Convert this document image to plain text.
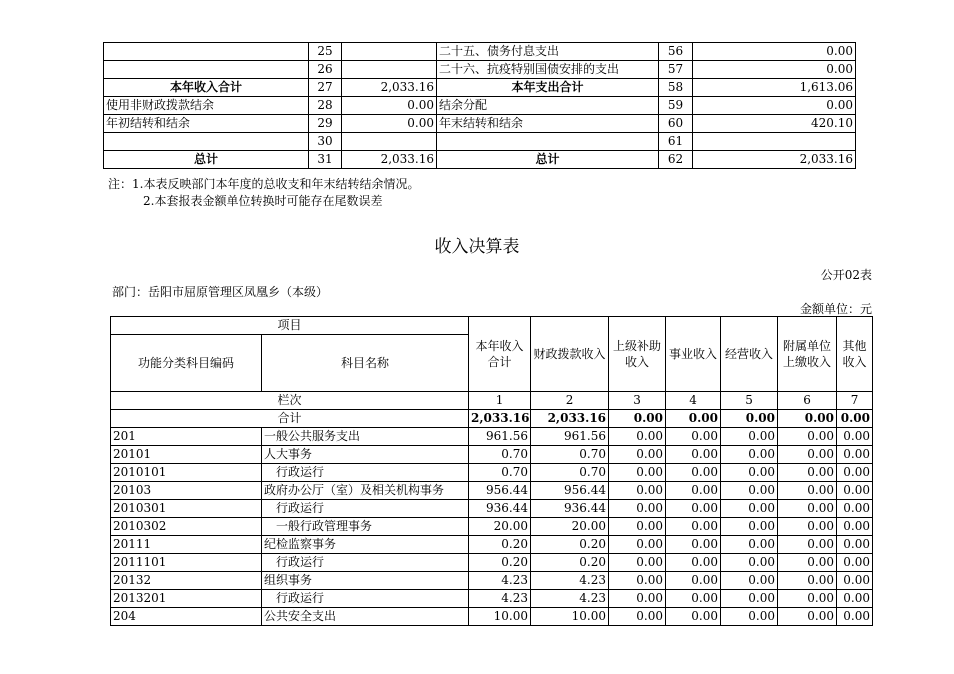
	25		二十五、债务付息支出	56	0.00
	26		二十六、抗疫特别国债安排的支出	57	0.00
本年收入合计	27	2,033.16	本年支出合计	58	1,613.06
使用非财政拨款结余	28	0.00	结余分配	59	0.00
年初结转和结余	29	0.00	年末结转和结余	60	420.10
	30			61	
总计	31	2,033.16	总计	62	2,033.16
注：1.本表反映部门本年度的总收支和年末结转结余情况。
2.本套报表金额单位转换时可能存在尾数误差
收入决算表
公开02表
部门：岳阳市屈原管理区凤凰乡（本级）
金额单位：元
项目		本年收入合计	财政拨款收入	上级补助收入	事业收入	经营收入	附属单位上缴收入	其他收入
功能分类科目编码	科目名称							
栏次		1	2	3	4	5	6	7
合计		2,033.16	2,033.16	0.00	0.00	0.00	0.00	0.00
201	一般公共服务支出	961.56	961.56	0.00	0.00	0.00	0.00	0.00
20101	人大事务	0.70	0.70	0.00	0.00	0.00	0.00	0.00
2010101	行政运行	0.70	0.70	0.00	0.00	0.00	0.00	0.00
20103	政府办公厅（室）及相关机构事务	956.44	956.44	0.00	0.00	0.00	0.00	0.00
2010301	行政运行	936.44	936.44	0.00	0.00	0.00	0.00	0.00
2010302	一般行政管理事务	20.00	20.00	0.00	0.00	0.00	0.00	0.00
20111	纪检监察事务	0.20	0.20	0.00	0.00	0.00	0.00	0.00
2011101	行政运行	0.20	0.20	0.00	0.00	0.00	0.00	0.00
20132	组织事务	4.23	4.23	0.00	0.00	0.00	0.00	0.00
2013201	行政运行	4.23	4.23	0.00	0.00	0.00	0.00	0.00
204	公共安全支出	10.00	10.00	0.00	0.00	0.00	0.00	0.00
